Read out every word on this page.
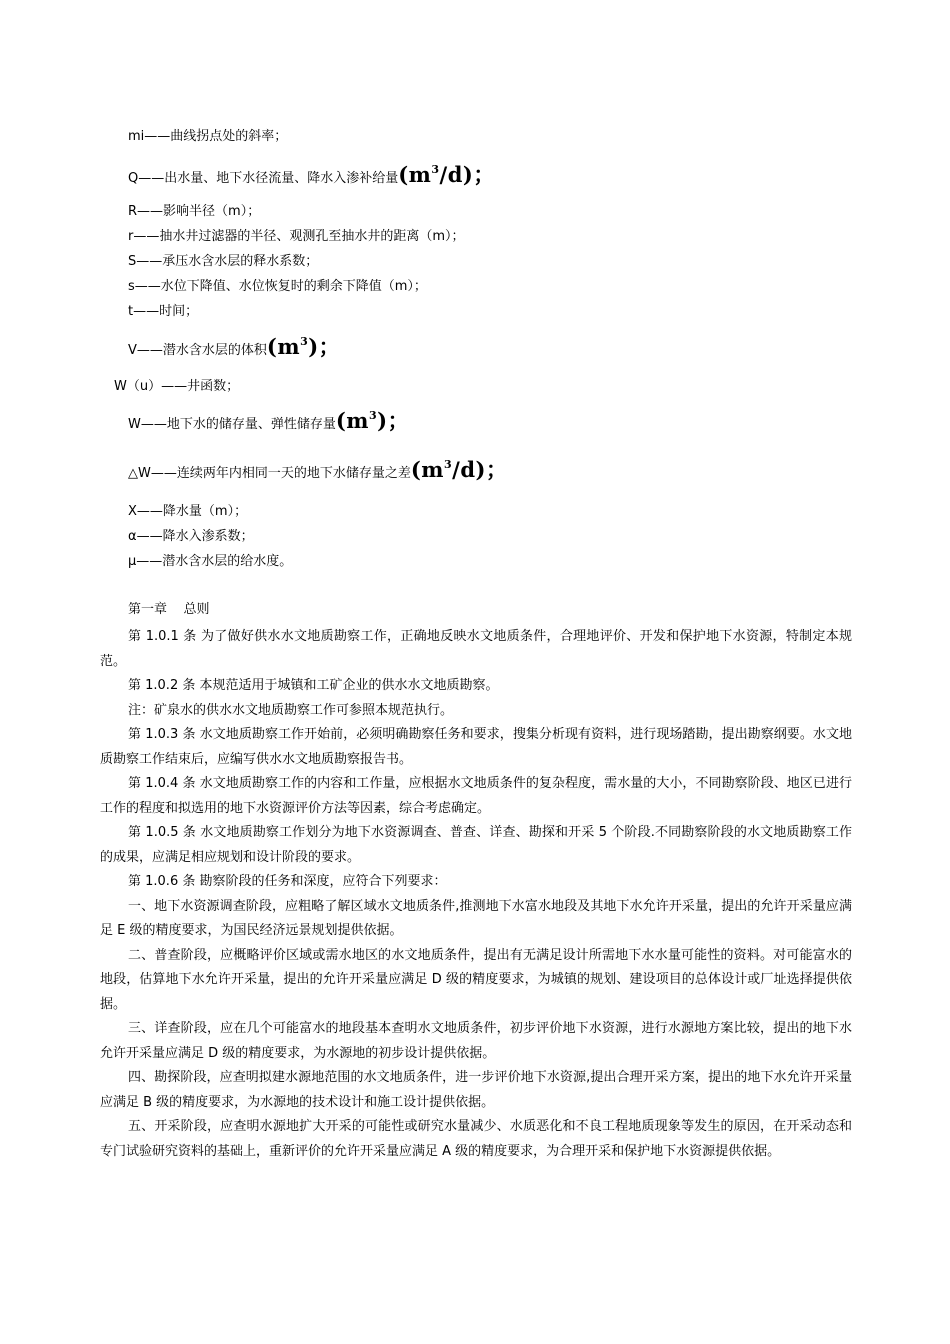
mi——曲线拐点处的斜率；
Q——出水量、地下水径流量、降水入渗补给量$(m^3/d)$；
R——影响半径（m）；
r——抽水井过滤器的半径、观测孔至抽水井的距离（m）；
S——承压水含水层的释水系数；
s——水位下降值、水位恢复时的剩余下降值（m）；
t——时间；
V——潜水含水层的体积$(m^3)$；
W（u）——井函数；
W——地下水的储存量、弹性储存量$(m^3)$；
△W——连续两年内相同一天的地下水储存量之差$(m^3/d)$；
X——降水量（m）；
α——降水入渗系数；
μ——潜水含水层的给水度。
第一章    总则

第 1.0.1 条 为了做好供水水文地质勘察工作，正确地反映水文地质条件，合理地评价、开发和保护地下水资源，特制定本规范。

第 1.0.2 条 本规范适用于城镇和工矿企业的供水水文地质勘察。

注：矿泉水的供水水文地质勘察工作可参照本规范执行。

第 1.0.3 条 水文地质勘察工作开始前，必须明确勘察任务和要求，搜集分析现有资料，进行现场踏勘，提出勘察纲要。水文地质勘察工作结束后，应编写供水水文地质勘察报告书。

第 1.0.4 条 水文地质勘察工作的内容和工作量，应根据水文地质条件的复杂程度，需水量的大小，不同勘察阶段、地区已进行工作的程度和拟选用的地下水资源评价方法等因素，综合考虑确定。

第 1.0.5 条 水文地质勘察工作划分为地下水资源调查、普查、详查、勘探和开采 5 个阶段.不同勘察阶段的水文地质勘察工作的成果，应满足相应规划和设计阶段的要求。

第 1.0.6 条 勘察阶段的任务和深度，应符合下列要求：

一、地下水资源调查阶段，应粗略了解区域水文地质条件,推测地下水富水地段及其地下水允许开采量，提出的允许开采量应满足 E 级的精度要求，为国民经济远景规划提供依据。

二、普查阶段，应概略评价区域或需水地区的水文地质条件，提出有无满足设计所需地下水水量可能性的资料。对可能富水的地段，估算地下水允许开采量，提出的允许开采量应满足 D 级的精度要求，为城镇的规划、建设项目的总体设计或厂址选择提供依据。

三、详查阶段，应在几个可能富水的地段基本查明水文地质条件，初步评价地下水资源，进行水源地方案比较，提出的地下水允许开采量应满足 D 级的精度要求，为水源地的初步设计提供依据。

四、勘探阶段，应查明拟建水源地范围的水文地质条件，进一步评价地下水资源,提出合理开采方案，提出的地下水允许开采量应满足 B 级的精度要求，为水源地的技术设计和施工设计提供依据。

五、开采阶段，应查明水源地扩大开采的可能性或研究水量减少、水质恶化和不良工程地质现象等发生的原因，在开采动态和专门试验研究资料的基础上，重新评价的允许开采量应满足 A 级的精度要求，为合理开采和保护地下水资源提供依据。
